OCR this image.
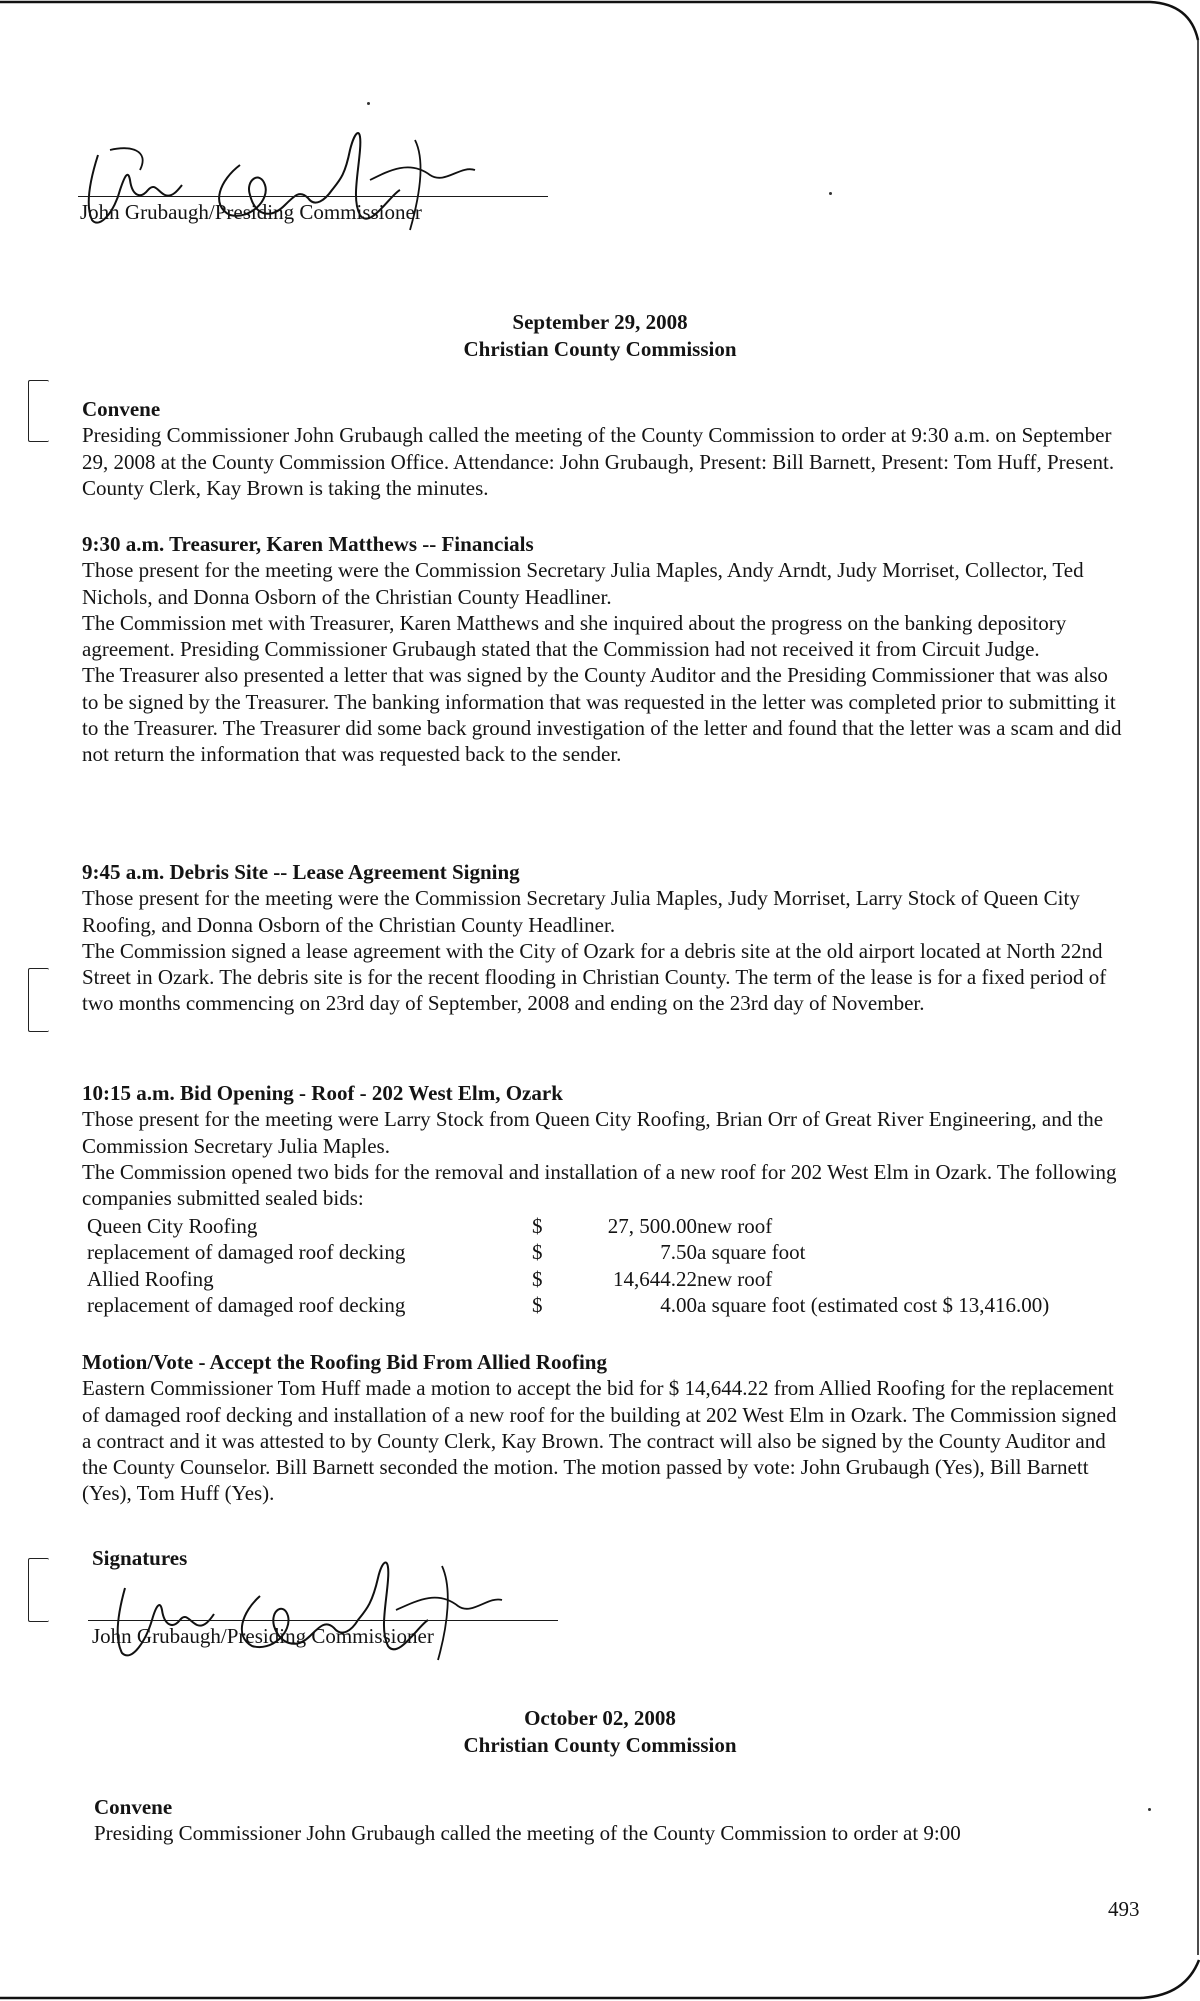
John Grubaugh/Presiding Commissioner
September 29, 2008
Christian County Commission
Convene
Presiding Commissioner John Grubaugh called the meeting of the County Commission to order at 9:30 a.m. on September 29, 2008 at the County Commission Office. Attendance: John Grubaugh, Present: Bill Barnett, Present: Tom Huff, Present. County Clerk, Kay Brown is taking the minutes.
9:30 a.m. Treasurer, Karen Matthews -- Financials
Those present for the meeting were the Commission Secretary Julia Maples, Andy Arndt, Judy Morriset, Collector, Ted Nichols, and Donna Osborn of the Christian County Headliner.
The Commission met with Treasurer, Karen Matthews and she inquired about the progress on the banking depository agreement. Presiding Commissioner Grubaugh stated that the Commission had not received it from Circuit Judge.
The Treasurer also presented a letter that was signed by the County Auditor and the Presiding Commissioner that was also to be signed by the Treasurer. The banking information that was requested in the letter was completed prior to submitting it to the Treasurer. The Treasurer did some back ground investigation of the letter and found that the letter was a scam and did not return the information that was requested back to the sender.
9:45 a.m. Debris Site -- Lease Agreement Signing
Those present for the meeting were the Commission Secretary Julia Maples, Judy Morriset, Larry Stock of Queen City Roofing, and Donna Osborn of the Christian County Headliner.
The Commission signed a lease agreement with the City of Ozark for a debris site at the old airport located at North 22nd Street in Ozark. The debris site is for the recent flooding in Christian County. The term of the lease is for a fixed period of two months commencing on 23rd day of September, 2008 and ending on the 23rd day of November.
10:15 a.m. Bid Opening - Roof - 202 West Elm, Ozark
Those present for the meeting were Larry Stock from Queen City Roofing, Brian Orr of Great River Engineering, and the Commission Secretary Julia Maples.
The Commission opened two bids for the removal and installation of a new roof for 202 West Elm in Ozark. The following companies submitted sealed bids:
Queen City Roofing	$	27, 500.00 new roof
replacement of damaged roof decking	$	7.50 a square foot
Allied Roofing	$	14,644.22 new roof
replacement of damaged roof decking	$	4.00 a square foot (estimated cost $ 13,416.00)
Motion/Vote - Accept the Roofing Bid From Allied Roofing
Eastern Commissioner Tom Huff made a motion to accept the bid for $ 14,644.22 from Allied Roofing for the replacement of damaged roof decking and installation of a new roof for the building at 202 West Elm in Ozark. The Commission signed a contract and it was attested to by County Clerk, Kay Brown. The contract will also be signed by the County Auditor and the County Counselor. Bill Barnett seconded the motion. The motion passed by vote: John Grubaugh (Yes), Bill Barnett (Yes), Tom Huff (Yes).
Signatures
John Grubaugh/Presiding Commissioner
October 02, 2008
Christian County Commission
Convene
Presiding Commissioner John Grubaugh called the meeting of the County Commission to order at 9:00
493
